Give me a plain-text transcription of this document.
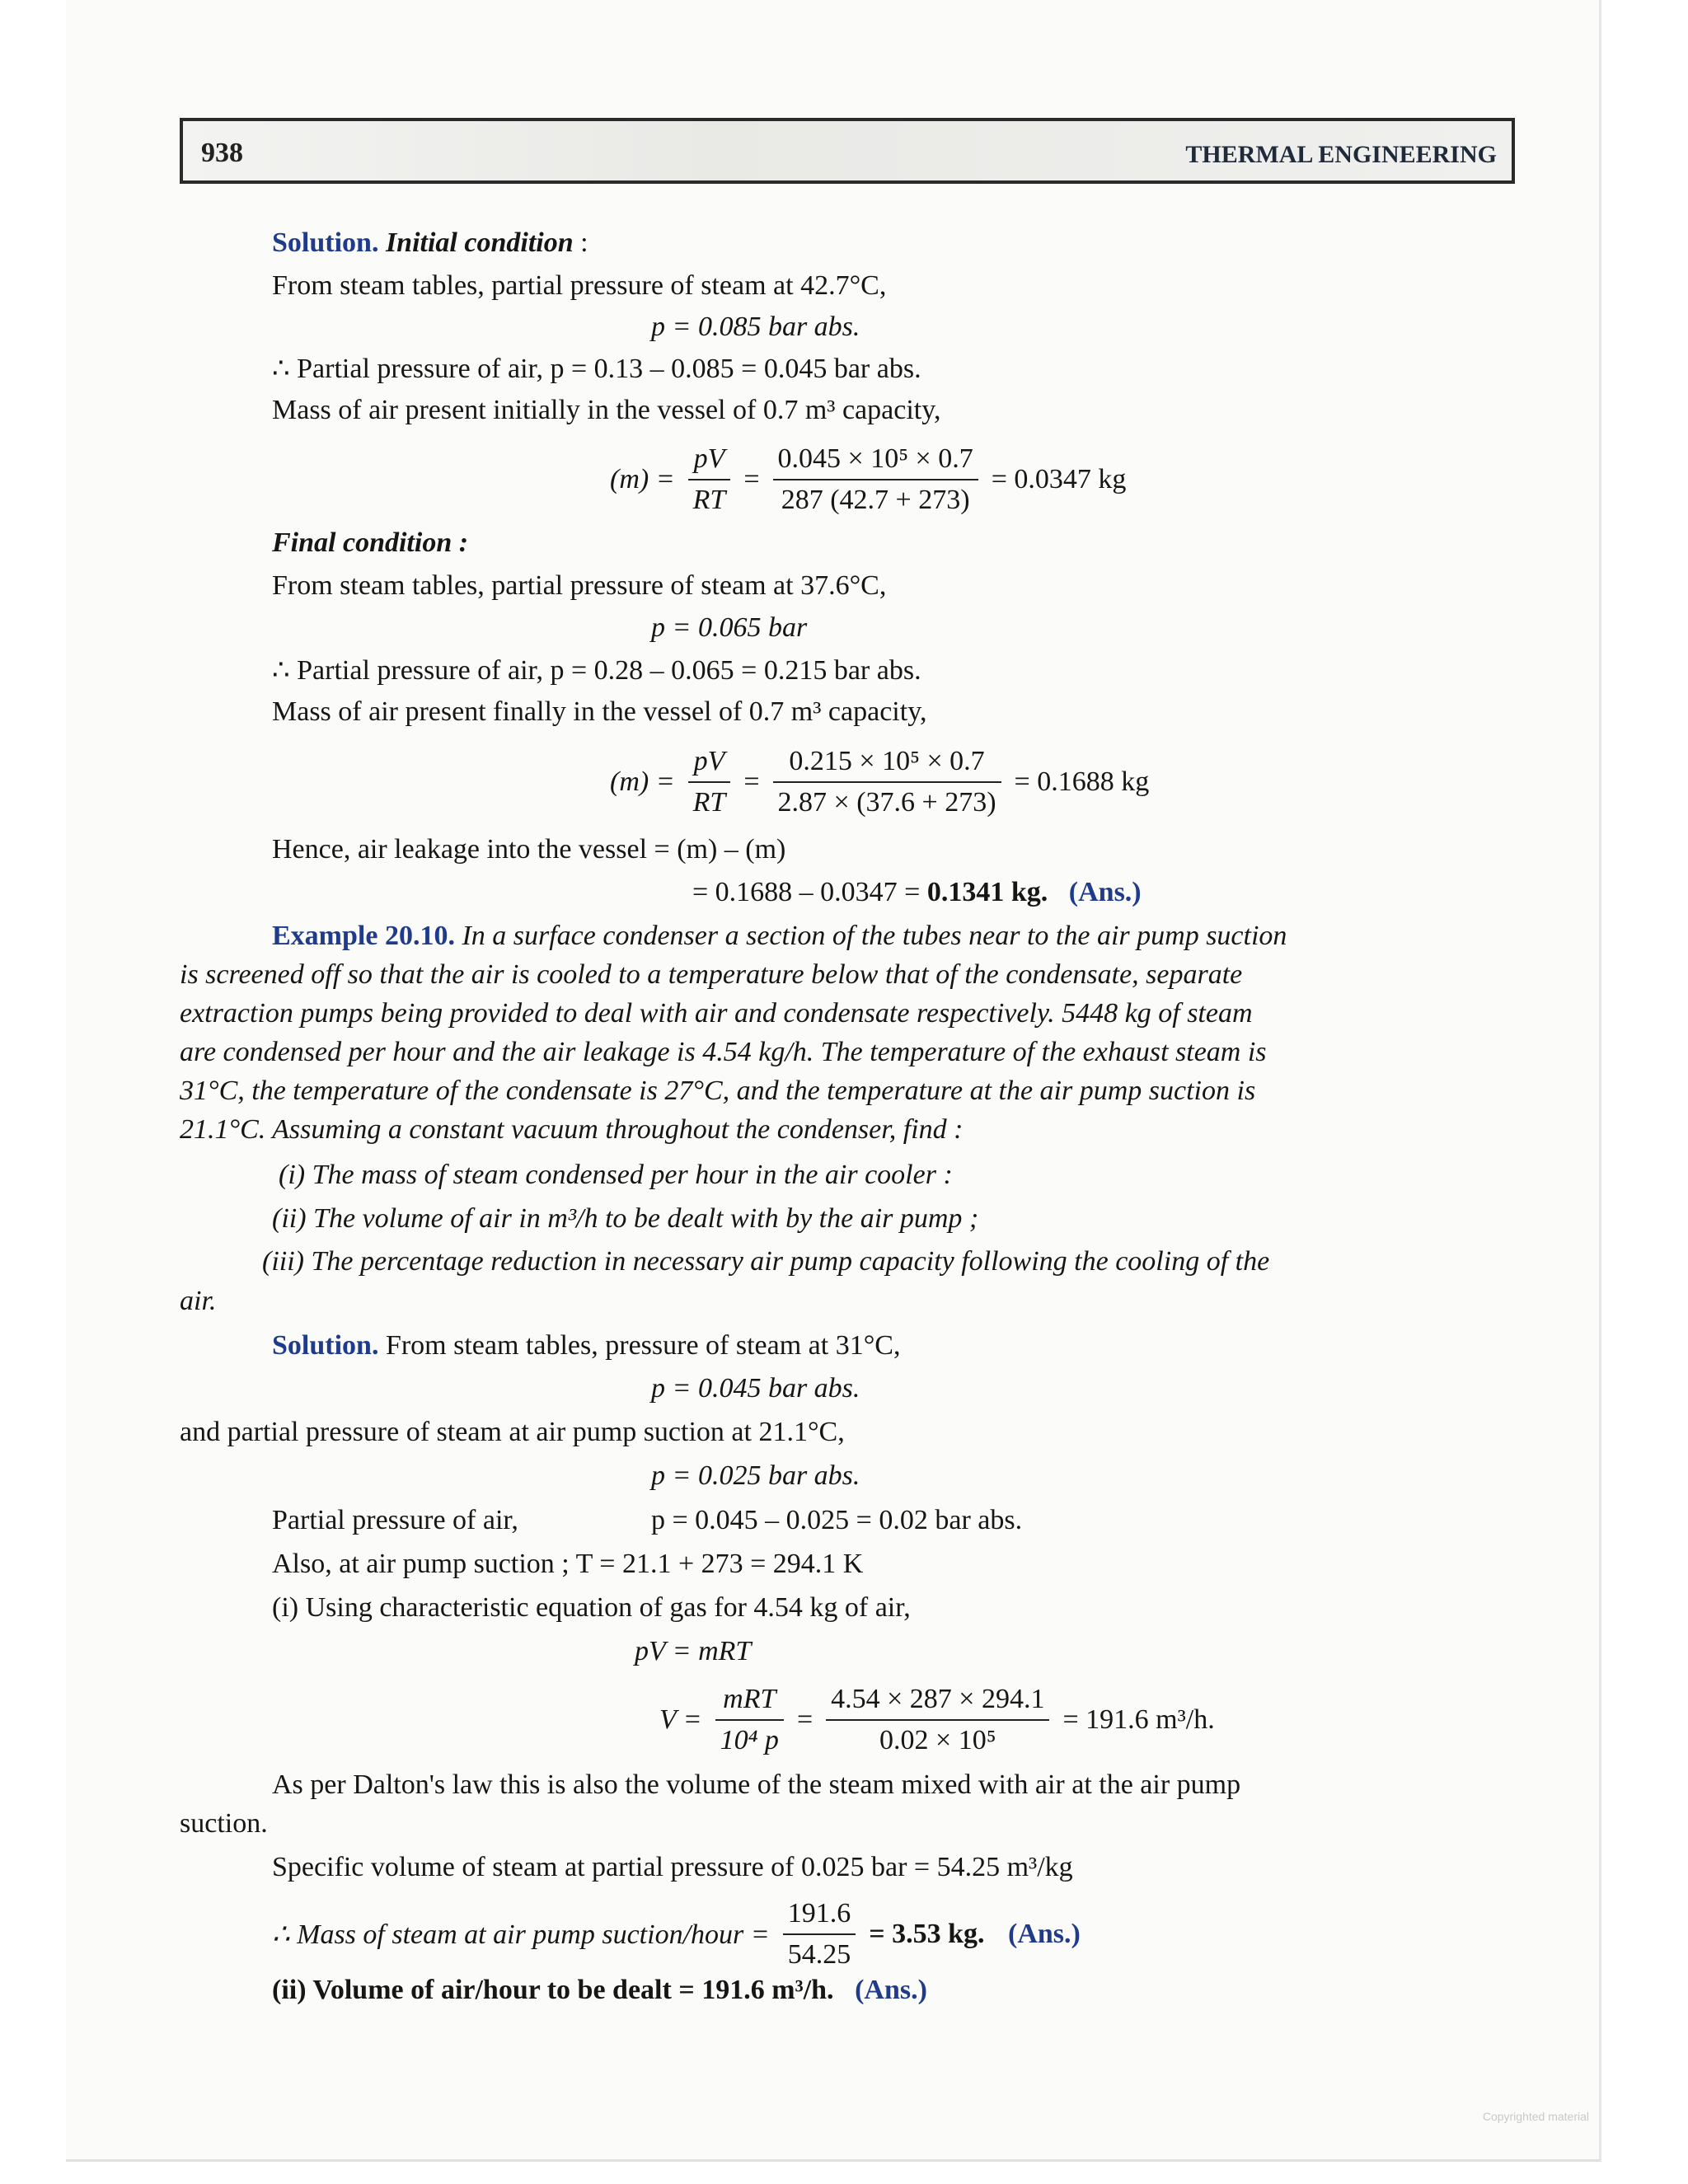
938	THERMAL ENGINEERING
Solution. Initial condition :
From steam tables, partial pressure of steam at 42.7°C,
p = 0.085 bar abs.
∴ Partial pressure of air, p = 0.13 – 0.085 = 0.045 bar abs.
Mass of air present initially in the vessel of 0.7 m³ capacity,
$(m) = \frac{pV}{RT} = \frac{\text{0.045 × 10⁵ × 0.7}}{287 (42.7 + 273)} = 0.0347$ kg
Final condition :
From steam tables, partial pressure of steam at 37.6°C,
p = 0.065 bar
∴ Partial pressure of air, p = 0.28 – 0.065 = 0.215 bar abs.
Mass of air present finally in the vessel of 0.7 m³ capacity,
$(m) = \frac{pV}{RT} = \frac{\text{0.215 × 10⁵ × 0.7}}{2.87 \times (37.6 + 273)} = 0.1688$ kg
Hence, air leakage into the vessel = (m) – (m)
= 0.1688 – 0.0347 = 0.1341 kg. (Ans.)
Example 20.10. In a surface condenser a section of the tubes near to the air pump suction
is screened off so that the air is cooled to a temperature below that of the condensate, separate
extraction pumps being provided to deal with air and condensate respectively. 5448 kg of steam
are condensed per hour and the air leakage is 4.54 kg/h. The temperature of the exhaust steam is
31°C, the temperature of the condensate is 27°C, and the temperature at the air pump suction is
21.1°C. Assuming a constant vacuum throughout the condenser, find :
(i) The mass of steam condensed per hour in the air cooler :
(ii) The volume of air in m³/h to be dealt with by the air pump ;
(iii) The percentage reduction in necessary air pump capacity following the cooling of the
air.
Solution. From steam tables, pressure of steam at 31°C,
p = 0.045 bar abs.
and partial pressure of steam at air pump suction at 21.1°C,
p = 0.025 bar abs.
Partial pressure of air,	p = 0.045 – 0.025 = 0.02 bar abs.
Also, at air pump suction ; T = 21.1 + 273 = 294.1 K
(i) Using characteristic equation of gas for 4.54 kg of air,
pV = mRT
$V = \frac{\text{mRT}}{\text{10⁴ p}} = \frac{4.54 \times 287 \times 294.1}{\text{0.02 × 10⁵}} = 191.6$ m³/h.
As per Dalton's law this is also the volume of the steam mixed with air at the air pump
suction.
Specific volume of steam at partial pressure of 0.025 bar = 54.25 m³/kg
∴ Mass of steam at air pump suction/hour = $\frac{191.6}{54.25} = 3.53$ kg.
(Ans.)
(ii) Volume of air/hour to be dealt = 191.6 m³/h. (Ans.)
Copyrighted material
